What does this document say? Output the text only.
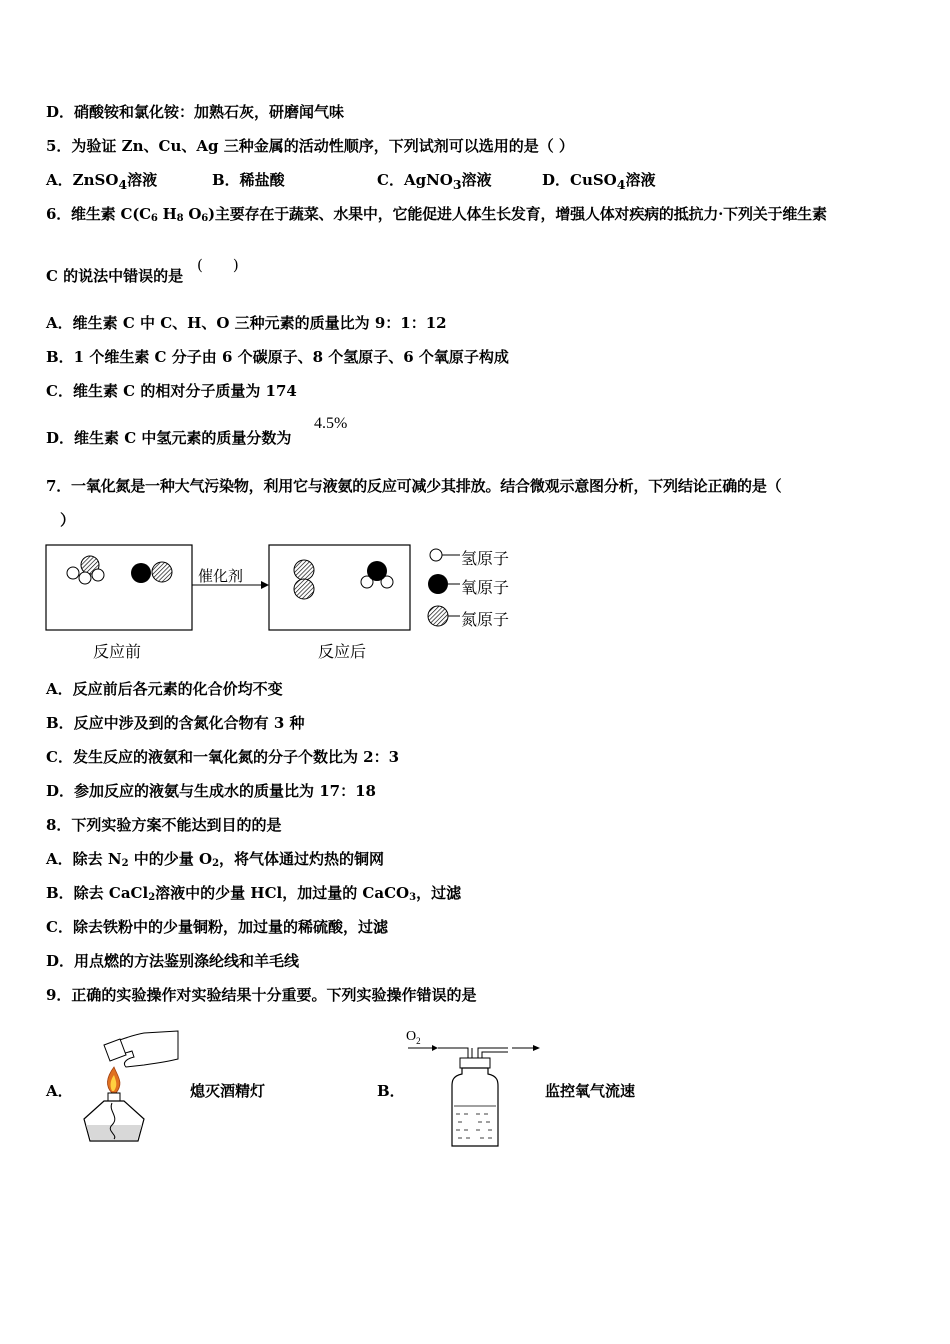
D．硝酸铵和氯化铵：加熟石灰，研磨闻气味
5．为验证 Zn、Cu、Ag 三种金属的活动性顺序，下列试剂可以选用的是（ ）
A．ZnSO$_4$溶液	B．稀盐酸	C．AgNO$_3$溶液	D．CuSO$_4$溶液
6．维生素 $C(C_6$ $H_8$ $O_6$)主要存在于蔬菜、水果中，它能促进人体生长发育，增强人体对疾病的抵抗力·下列关于维生素
C 的说法中错误的是
(　　)
A．维生素 C 中 C、H、O 三种元素的质量比为 9：1：12
B．1 个维生素 C 分子由 6 个碳原子、8 个氢原子、6 个氧原子构成
C．维生素 C 的相对分子质量为 174
D．维生素 C 中氢元素的质量分数为
4.5%
7．一氧化氮是一种大气污染物，利用它与液氨的反应可减少其排放。结合微观示意图分析，下列结论正确的是（
）
催化剂
反应前	反应后
氢原子
氧原子
氮原子
A．反应前后各元素的化合价均不变
B．反应中涉及到的含氮化合物有 3 种
C．发生反应的液氨和一氧化氮的分子个数比为 2：3
D．参加反应的液氨与生成水的质量比为 17：18
8．下列实验方案不能达到目的的是
A．除去 $N_2$ 中的少量 $O_2$，将气体通过灼热的铜网
B．除去 CaCl$_2$溶液中的少量 HCl，加过量的 CaCO$_3$，过滤
C．除去铁粉中的少量铜粉，加过量的稀硫酸，过滤
D．用点燃的方法鉴别涤纶线和羊毛线
9．正确的实验操作对实验结果十分重要。下列实验操作错误的是
A．	熄灭酒精灯	B．	监控氧气流速
$O_2$
